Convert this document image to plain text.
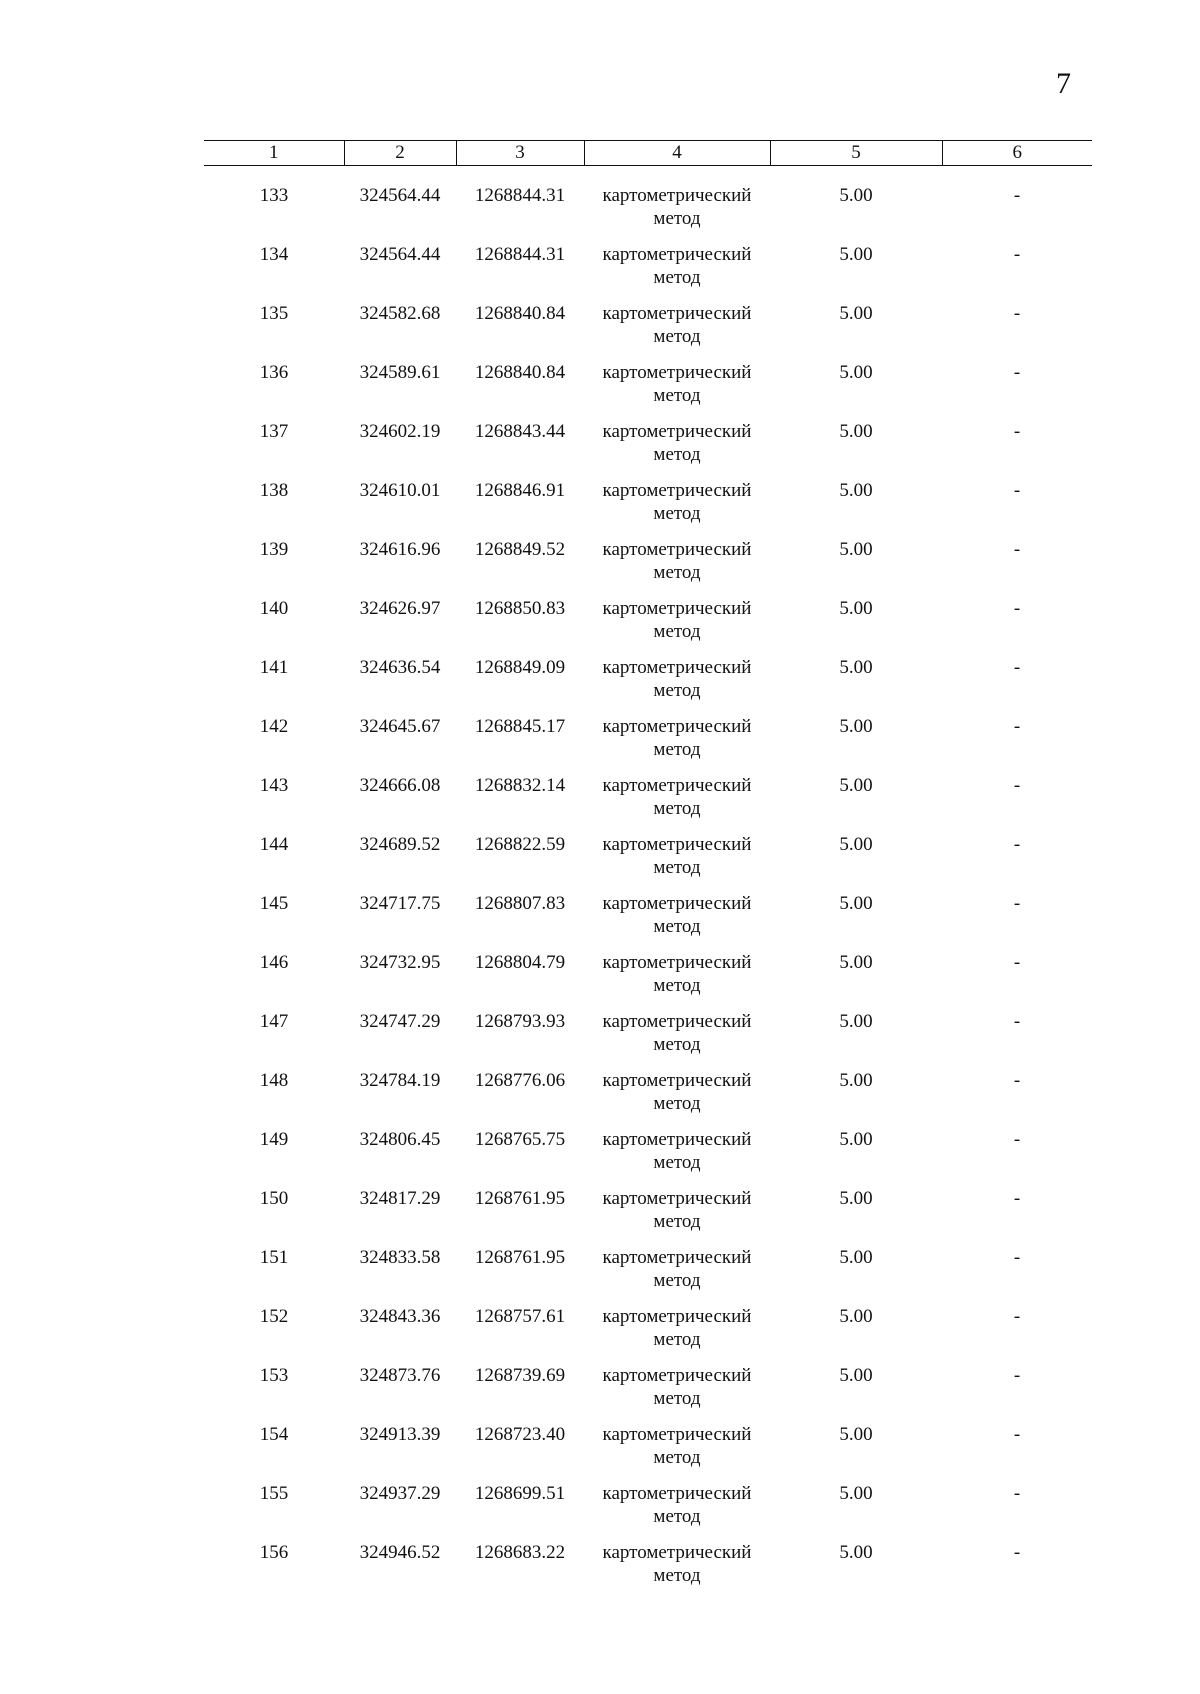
7
1	2	3	4	5	6

133	324564.44	1268844.31	картометрический
метод	5.00	-
134	324564.44	1268844.31	картометрический
метод	5.00	-
135	324582.68	1268840.84	картометрический
метод	5.00	-
136	324589.61	1268840.84	картометрический
метод	5.00	-
137	324602.19	1268843.44	картометрический
метод	5.00	-
138	324610.01	1268846.91	картометрический
метод	5.00	-
139	324616.96	1268849.52	картометрический
метод	5.00	-
140	324626.97	1268850.83	картометрический
метод	5.00	-
141	324636.54	1268849.09	картометрический
метод	5.00	-
142	324645.67	1268845.17	картометрический
метод	5.00	-
143	324666.08	1268832.14	картометрический
метод	5.00	-
144	324689.52	1268822.59	картометрический
метод	5.00	-
145	324717.75	1268807.83	картометрический
метод	5.00	-
146	324732.95	1268804.79	картометрический
метод	5.00	-
147	324747.29	1268793.93	картометрический
метод	5.00	-
148	324784.19	1268776.06	картометрический
метод	5.00	-
149	324806.45	1268765.75	картометрический
метод	5.00	-
150	324817.29	1268761.95	картометрический
метод	5.00	-
151	324833.58	1268761.95	картометрический
метод	5.00	-
152	324843.36	1268757.61	картометрический
метод	5.00	-
153	324873.76	1268739.69	картометрический
метод	5.00	-
154	324913.39	1268723.40	картометрический
метод	5.00	-
155	324937.29	1268699.51	картометрический
метод	5.00	-
156	324946.52	1268683.22	картометрический
метод	5.00	-
